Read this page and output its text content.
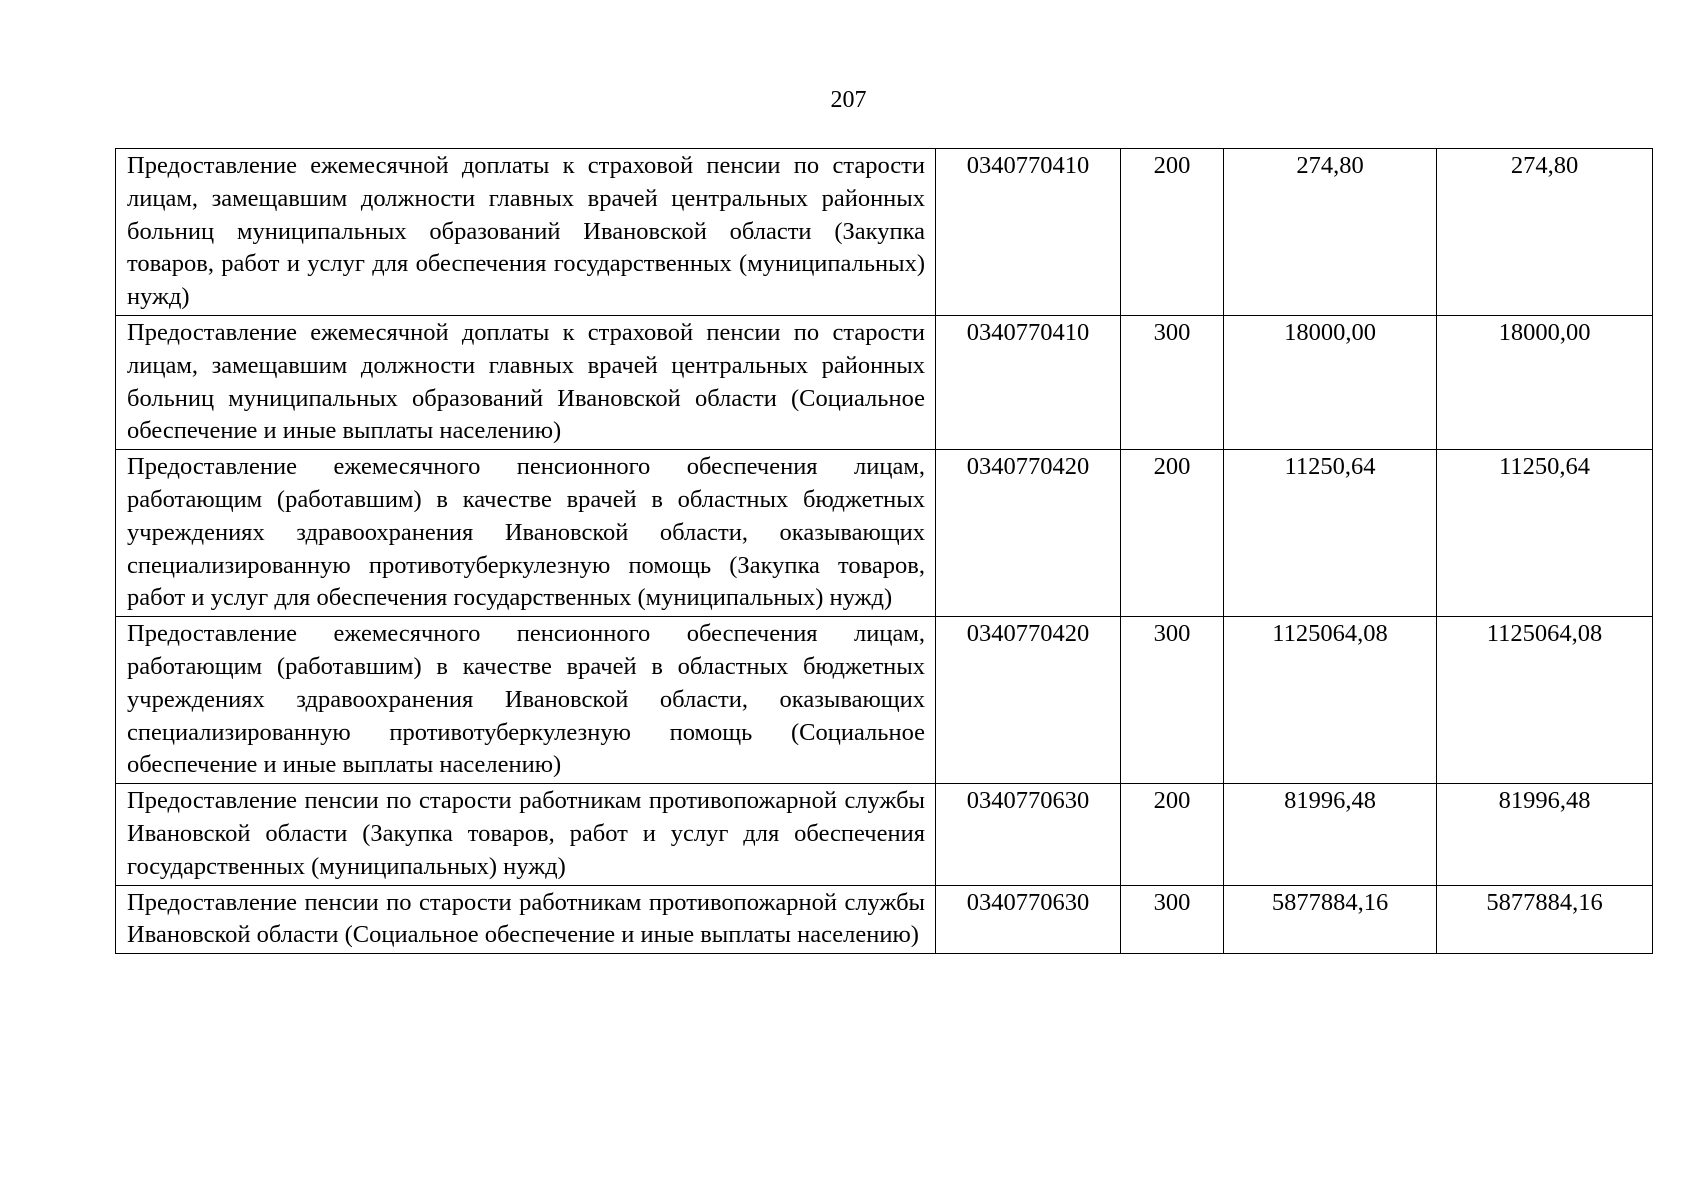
207
Предоставление ежемесячной доплаты к страховой пенсии по старости лицам, замещавшим должности главных врачей центральных районных больниц муниципальных образований Ивановской области (Закупка товаров, работ и услуг для обеспечения государственных (муниципальных) нужд)	0340770410	200	274,80	274,80
Предоставление ежемесячной доплаты к страховой пенсии по старости лицам, замещавшим должности главных врачей центральных районных больниц муниципальных образований Ивановской области (Социальное обеспечение и иные выплаты населению)	0340770410	300	18000,00	18000,00
Предоставление ежемесячного пенсионного обеспечения лицам, работающим (работавшим) в качестве врачей в областных бюджетных учреждениях здравоохранения Ивановской области, оказывающих специализированную противотуберкулезную помощь (Закупка товаров, работ и услуг для обеспечения государственных (муниципальных) нужд)	0340770420	200	11250,64	11250,64
Предоставление ежемесячного пенсионного обеспечения лицам, работающим (работавшим) в качестве врачей в областных бюджетных учреждениях здравоохранения Ивановской области, оказывающих специализированную противотуберкулезную помощь (Социальное обеспечение и иные выплаты населению)	0340770420	300	1125064,08	1125064,08
Предоставление пенсии по старости работникам противопожарной службы Ивановской области (Закупка товаров, работ и услуг для обеспечения государственных (муниципальных) нужд)	0340770630	200	81996,48	81996,48
Предоставление пенсии по старости работникам противопожарной службы Ивановской области (Социальное обеспечение и иные выплаты населению)	0340770630	300	5877884,16	5877884,16
